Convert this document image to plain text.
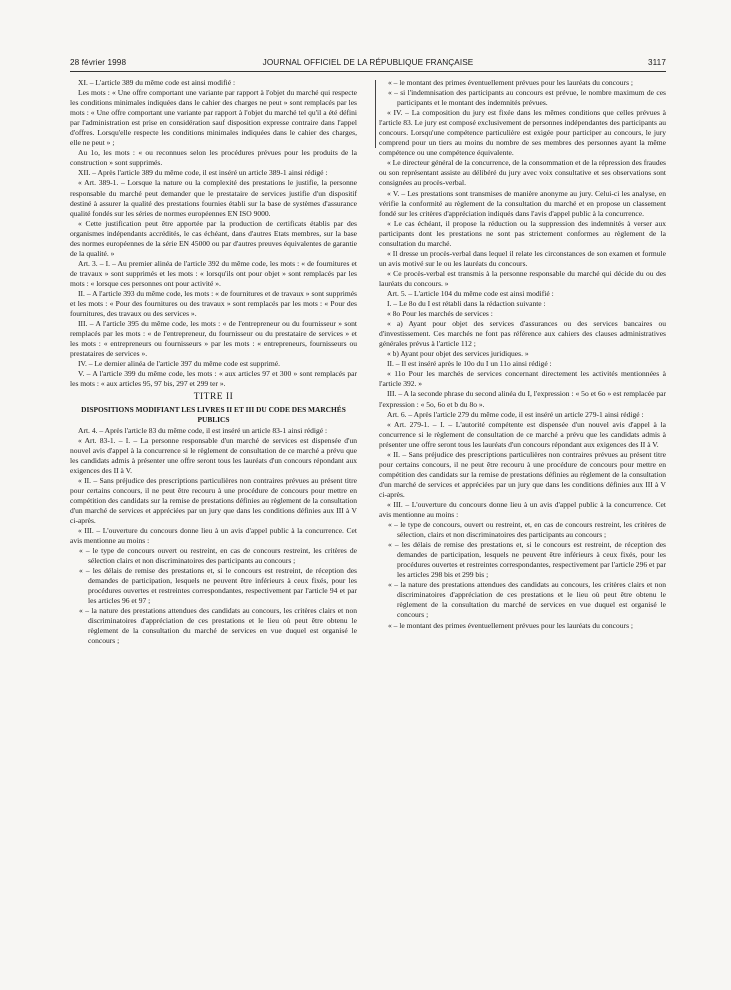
28 février 1998	JOURNAL OFFICIEL DE LA RÉPUBLIQUE FRANÇAISE	3117

XI. – L'article 389 du même code est ainsi modifié :

Les mots : « Une offre comportant une variante par rapport à l'objet du marché qui respecte les conditions minimales indiquées dans le cahier des charges ne peut » sont remplacés par les mots : « Une offre comportant une variante par rapport à l'objet du marché tel qu'il a été défini par l'administration est prise en considération sauf disposition expresse contraire dans l'appel d'offres. Lorsqu'elle respecte les conditions minimales indiquées dans le cahier des charges, elle ne peut » ;

Au 1o, les mots : « ou reconnues selon les procédures prévues pour les produits de la construction » sont supprimés.

XII. – Après l'article 389 du même code, il est inséré un article 389-1 ainsi rédigé :

« Art. 389-1. – Lorsque la nature ou la complexité des prestations le justifie, la personne responsable du marché peut demander que le prestataire de services justifie d'un dispositif destiné à assurer la qualité des prestations fournies établi sur la base de systèmes d'assurance qualité fondés sur les séries de normes européennes EN ISO 9000.

« Cette justification peut être apportée par la production de certificats établis par des organismes indépendants accrédités, le cas échéant, dans d'autres Etats membres, sur la base des normes européennes de la série EN 45000 ou par d'autres preuves équivalentes de garantie de la qualité. »

Art. 3. – I. – Au premier alinéa de l'article 392 du même code, les mots : « de fournitures et de travaux » sont supprimés et les mots : « lorsqu'ils ont pour objet » sont remplacés par les mots : « lorsque ces personnes ont pour activité ».

II. – A l'article 393 du même code, les mots : « de fournitures et de travaux » sont supprimés et les mots : « Pour des fournitures ou des travaux » sont remplacés par les mots : « Pour des fournitures, des travaux ou des services ».

III. – A l'article 395 du même code, les mots : « de l'entrepreneur ou du fournisseur » sont remplacés par les mots : « de l'entrepreneur, du fournisseur ou du prestataire de services » et les mots : « entrepreneurs ou fournisseurs » par les mots : « entrepreneurs, fournisseurs ou prestataires de services ».

IV. – Le dernier alinéa de l'article 397 du même code est supprimé.

V. – A l'article 399 du même code, les mots : « aux articles 97 et 300 » sont remplacés par les mots : « aux articles 95, 97 bis, 297 et 299 ter ».

TITRE II

DISPOSITIONS MODIFIANT LES LIVRES II ET III DU CODE DES MARCHÉS PUBLICS

Art. 4. – Après l'article 83 du même code, il est inséré un article 83-1 ainsi rédigé :

« Art. 83-1. – I. – La personne responsable d'un marché de services est dispensée d'un nouvel avis d'appel à la concurrence si le règlement de consultation de ce marché a prévu que les candidats admis à présenter une offre seront tous les lauréats d'un concours répondant aux exigences des II à V.

« II. – Sans préjudice des prescriptions particulières non contraires prévues au présent titre pour certains concours, il ne peut être recouru à une procédure de concours pour mettre en compétition des candidats sur la remise de prestations définies au règlement de la consultation d'un marché de services et appréciées par un jury que dans les conditions définies aux III à V ci-après.

« III. – L'ouverture du concours donne lieu à un avis d'appel public à la concurrence. Cet avis mentionne au moins :

« – le type de concours ouvert ou restreint, en cas de concours restreint, les critères de sélection clairs et non discriminatoires des participants au concours ;

« – les délais de remise des prestations et, si le concours est restreint, de réception des demandes de participation, lesquels ne peuvent être inférieurs à ceux fixés, pour les procédures ouvertes et restreintes correspondantes, respectivement par l'article 94 et par les articles 96 et 97 ;

« – la nature des prestations attendues des candidats au concours, les critères clairs et non discriminatoires d'appréciation de ces prestations et le lieu où peut être obtenu le règlement de la consultation du marché de services en vue duquel est organisé le concours ;

« – le montant des primes éventuellement prévues pour les lauréats du concours ;

« – si l'indemnisation des participants au concours est prévue, le nombre maximum de ces participants et le montant des indemnités prévues.

« IV. – La composition du jury est fixée dans les mêmes conditions que celles prévues à l'article 83. Le jury est composé exclusivement de personnes indépendantes des participants au concours. Lorsqu'une compétence particulière est exigée pour participer au concours, le jury comprend pour un tiers au moins du nombre de ses membres des personnes ayant la même compétence ou une compétence équivalente.

« Le directeur général de la concurrence, de la consommation et de la répression des fraudes ou son représentant assiste au délibéré du jury avec voix consultative et ses observations sont consignées au procès-verbal.

« V. – Les prestations sont transmises de manière anonyme au jury. Celui-ci les analyse, en vérifie la conformité au règlement de la consultation du marché et en propose un classement fondé sur les critères d'appréciation indiqués dans l'avis d'appel public à la concurrence.

« Le cas échéant, il propose la réduction ou la suppression des indemnités à verser aux participants dont les prestations ne sont pas strictement conformes au règlement de la consultation du marché.

« Il dresse un procès-verbal dans lequel il relate les circonstances de son examen et formule un avis motivé sur le ou les lauréats du concours.

« Ce procès-verbal est transmis à la personne responsable du marché qui décide du ou des lauréats du concours. »

Art. 5. – L'article 104 du même code est ainsi modifié :

I. – Le 8o du I est rétabli dans la rédaction suivante :

« 8o Pour les marchés de services :

« a) Ayant pour objet des services d'assurances ou des services bancaires ou d'investissement. Ces marchés ne font pas référence aux cahiers des clauses administratives générales prévus à l'article 112 ;

« b) Ayant pour objet des services juridiques. »

II. – Il est inséré après le 10o du I un 11o ainsi rédigé :

« 11o Pour les marchés de services concernant directement les activités mentionnées à l'article 392. »

III. – A la seconde phrase du second alinéa du I, l'expression : « 5o et 6o » est remplacée par l'expression : « 5o, 6o et b du 8o ».

Art. 6. – Après l'article 279 du même code, il est inséré un article 279-1 ainsi rédigé :

« Art. 279-1. – I. – L'autorité compétente est dispensée d'un nouvel avis d'appel à la concurrence si le règlement de consultation de ce marché a prévu que les candidats admis à présenter une offre seront tous les lauréats d'un concours répondant aux exigences des II à V.

« II. – Sans préjudice des prescriptions particulières non contraires prévues au présent titre pour certains concours, il ne peut être recouru à une procédure de concours pour mettre en compétition des candidats sur la remise de prestations définies au règlement de la consultation d'un marché de services et appréciées par un jury que dans les conditions définies aux III à V ci-après.

« III. – L'ouverture du concours donne lieu à un avis d'appel public à la concurrence. Cet avis mentionne au moins :

« – le type de concours, ouvert ou restreint, et, en cas de concours restreint, les critères de sélection, clairs et non discriminatoires des participants au concours ;

« – les délais de remise des prestations et, si le concours est restreint, de réception des demandes de participation, lesquels ne peuvent être inférieurs à ceux fixés, pour les procédures ouvertes et restreintes correspondantes, respectivement par l'article 296 et par les articles 298 bis et 299 bis ;

« – la nature des prestations attendues des candidats au concours, les critères clairs et non discriminatoires d'appréciation de ces prestations et le lieu où peut être obtenu le règlement de la consultation du marché de services en vue duquel est organisé le concours ;

« – le montant des primes éventuellement prévues pour les lauréats du concours ;
